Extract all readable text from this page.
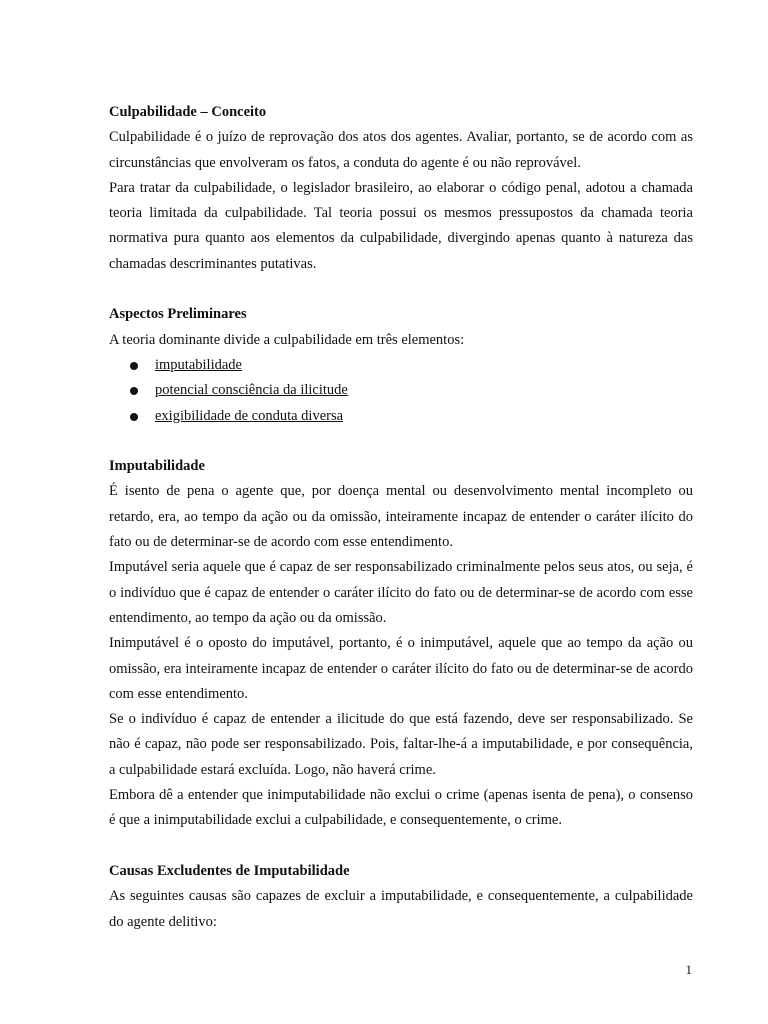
Culpabilidade – Conceito

Culpabilidade é o juízo de reprovação dos atos dos agentes. Avaliar, portanto, se de acordo com as circunstâncias que envolveram os fatos, a conduta do agente é ou não reprovável.

Para tratar da culpabilidade, o legislador brasileiro, ao elaborar o código penal, adotou a chamada teoria limitada da culpabilidade. Tal teoria possui os mesmos pressupostos da chamada teoria normativa pura quanto aos elementos da culpabilidade, divergindo apenas quanto à natureza das chamadas descriminantes putativas.

Aspectos Preliminares

A teoria dominante divide a culpabilidade em três elementos:

imputabilidade
potencial consciência da ilicitude
exigibilidade de conduta diversa

Imputabilidade

É isento de pena o agente que, por doença mental ou desenvolvimento mental incompleto ou retardo, era, ao tempo da ação ou da omissão, inteiramente incapaz de entender o caráter ilícito do fato ou de determinar-se de acordo com esse entendimento.

Imputável seria aquele que é capaz de ser responsabilizado criminalmente pelos seus atos, ou seja, é o indivíduo que é capaz de entender o caráter ilícito do fato ou de determinar-se de acordo com esse entendimento, ao tempo da ação ou da omissão.

Inimputável é o oposto do imputável, portanto, é o inimputável, aquele que ao tempo da ação ou omissão, era inteiramente incapaz de entender o caráter ilícito do fato ou de determinar-se de acordo com esse entendimento.

Se o indivíduo é capaz de entender a ilicitude do que está fazendo, deve ser responsabilizado. Se não é capaz, não pode ser responsabilizado. Pois, faltar-lhe-á a imputabilidade, e por consequência, a culpabilidade estará excluída. Logo, não haverá crime.

Embora dê a entender que inimputabilidade não exclui o crime (apenas isenta de pena), o consenso é que a inimputabilidade exclui a culpabilidade, e consequentemente, o crime.

Causas Excludentes de Imputabilidade

As seguintes causas são capazes de excluir a imputabilidade, e consequentemente, a culpabilidade do agente delitivo:

1
